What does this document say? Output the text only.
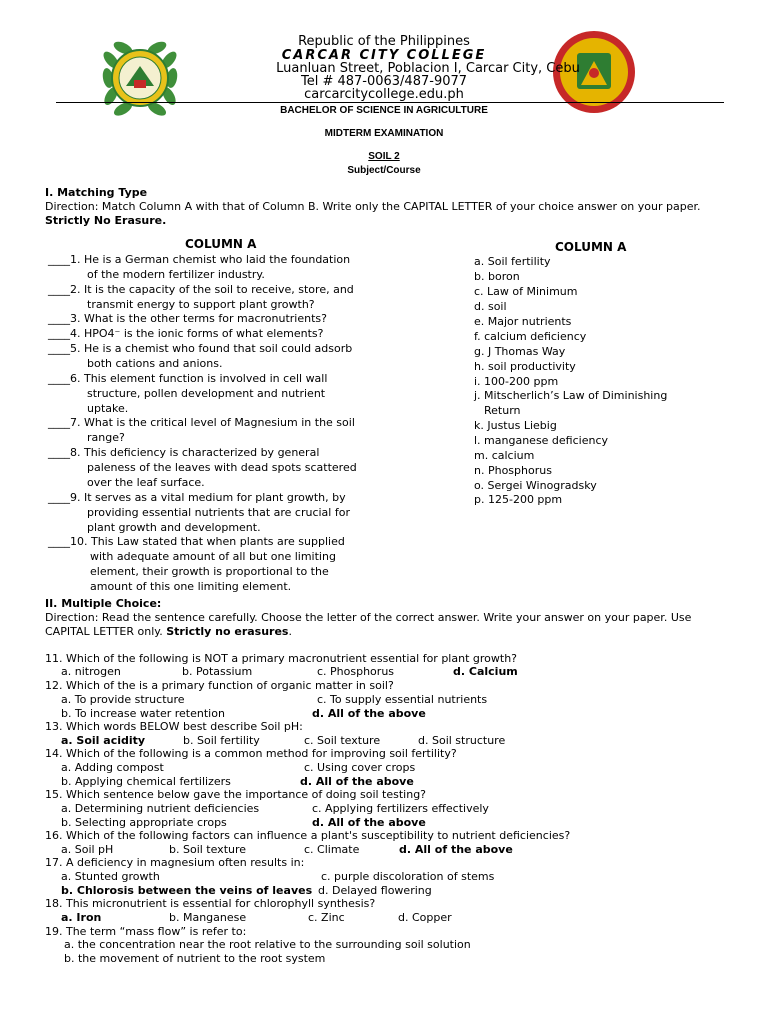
Republic of the Philippines
CARCAR CITY COLLEGE
Luanluan Street, Poblacion I, Carcar City, Cebu
Tel # 487-0063/487-9077
carcarcitycollege.edu.ph
BACHELOR OF SCIENCE IN AGRICULTURE
MIDTERM EXAMINATION
SOIL 2
Subject/Course
I. Matching Type
Direction: Match Column A with that of Column B. Write only the CAPITAL LETTER of your choice answer on your paper.
Strictly No Erasure.
COLUMN A	COLUMN A
____1. He is a German chemist who laid the foundation
of the modern fertilizer industry.
____2. It is the capacity of the soil to receive, store, and
transmit energy to support plant growth?
____3. What is the other terms for macronutrients?
____4. HPO4⁻ is the ionic forms of what elements?
____5. He is a chemist who found that soil could adsorb
both cations and anions.
____6. This element function is involved in cell wall
structure, pollen development and nutrient
uptake.
____7. What is the critical level of Magnesium in the soil
range?
____8. This deficiency is characterized by general
paleness of the leaves with dead spots scattered
over the leaf surface.
____9. It serves as a vital medium for plant growth, by
providing essential nutrients that are crucial for
plant growth and development.
____10. This Law stated that when plants are supplied
with adequate amount of all but one limiting
element, their growth is proportional to the
amount of this one limiting element.
a. Soil fertility
b. boron
c. Law of Minimum
d. soil
e. Major nutrients
f. calcium deficiency
g. J Thomas Way
h. soil productivity
i. 100-200 ppm
j. Mitscherlich’s Law of Diminishing
Return
k. Justus Liebig
l. manganese deficiency
m. calcium
n. Phosphorus
o. Sergei Winogradsky
p. 125-200 ppm
II. Multiple Choice:
Direction: Read the sentence carefully. Choose the letter of the correct answer. Write your answer on your paper. Use
CAPITAL LETTER only. Strictly no erasures.
11. Which of the following is NOT a primary macronutrient essential for plant growth?
a. nitrogen	b. Potassium	c. Phosphorus	d. Calcium
12. Which of the is a primary function of organic matter in soil?
a. To provide structure	c. To supply essential nutrients
b. To increase water retention	d. All of the above
13. Which words BELOW best describe Soil pH:
a. Soil acidity	b. Soil fertility	c. Soil texture	d. Soil structure
14. Which of the following is a common method for improving soil fertility?
a. Adding compost	c. Using cover crops
b. Applying chemical fertilizers	d. All of the above
15. Which sentence below gave the importance of doing soil testing?
a. Determining nutrient deficiencies	c. Applying fertilizers effectively
b. Selecting appropriate crops	d. All of the above
16. Which of the following factors can influence a plant's susceptibility to nutrient deficiencies?
a. Soil pH	b. Soil texture	c. Climate	d. All of the above
17. A deficiency in magnesium often results in:
a. Stunted growth	c. purple discoloration of stems
b. Chlorosis between the veins of leaves d. Delayed flowering
18. This micronutrient is essential for chlorophyll synthesis?
a. Iron	b. Manganese	c. Zinc	d. Copper
19. The term “mass flow” is refer to:
a. the concentration near the root relative to the surrounding soil solution
b. the movement of nutrient to the root system
